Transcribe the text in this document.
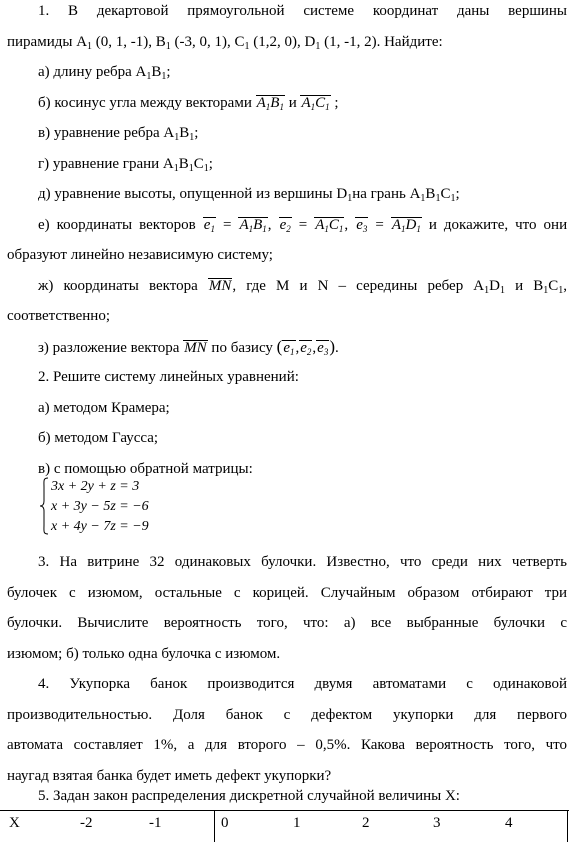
1. В декартовой прямоугольной системе координат даны вершины
пирамиды $A_1$ (0, 1, -1), $B_1$ (-3, 0, 1), $C_1$ (1,2, 0), $D_1$ (1, -1, 2). Найдите:
а) длину ребра $A_1B_1$;
б) косинус угла между векторами $A_1B_1$ и $A_1C_1$ ;
в) уравнение ребра $A_1B_1$;
г) уравнение грани $A_1B_1C_1$;
д) уравнение высоты, опущенной из вершины $D_1на$ грань $A_1B_1C_1$;
е) координаты векторов $e_1 = A_1B_1$, $e_2 = A_1C_1$, $e_3 = A_1D_1$ и докажите, что они
образуют линейно независимую систему;
ж) координаты вектора MN, где M и N – середины ребер $A_1D_1$ и $B_1C_1$,
соответственно;
з) разложение вектора MN по базису $(e_1,e_2,e_3)$.
2. Решите систему линейных уравнений:
а) методом Крамера;
б) методом Гаусса;
в) с помощью обратной матрицы:
3x + 2y + z = 3
x + 3y − 5z = −6
x + 4y − 7z = −9
3. На витрине 32 одинаковых булочки. Известно, что среди них четверть
булочек с изюмом, остальные с корицей. Случайным образом отбирают три
булочки. Вычислите вероятность того, что: а) все выбранные булочки с
изюмом; б) только одна булочка с изюмом.
4. Укупорка банок производится двумя автоматами с одинаковой
производительностью. Доля банок с дефектом укупорки для первого
автомата составляет 1%, а для второго – 0,5%. Какова вероятность того, что
наугад взятая банка будет иметь дефект укупорки?
5. Задан закон распределения дискретной случайной величины X:
X	-2	-1	0	1	2	3	4
